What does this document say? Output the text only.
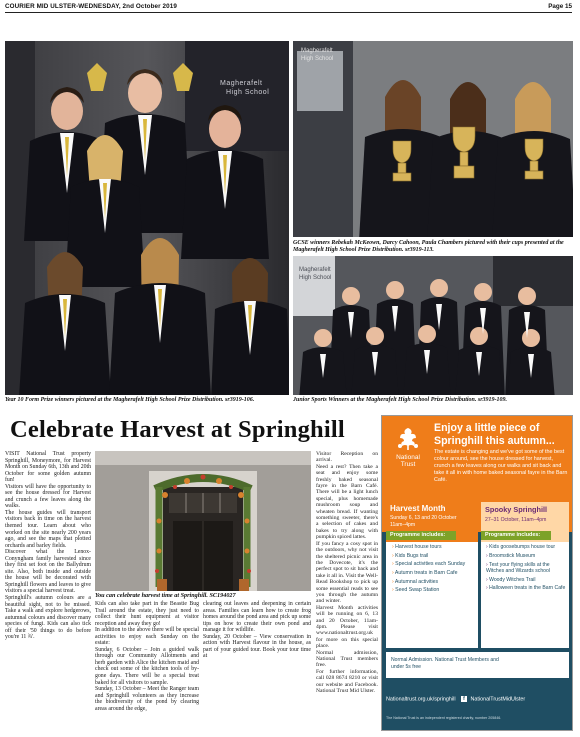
COURIER MID ULSTER-WEDNESDAY, 2nd October 2019	Page 15
Magherafelt
High School
Year 10 Form Prize winners pictured at the Magherafelt High School Prize Distribution. sr3919-106.
Magherafelt
High School
GCSE winners Rebekah McKeown, Darcy Cahoon, Paula Chambers pictured with their cups presented at the Magherafelt High School Prize Distribution. sr3919-113.
Magherafelt
High School
Junior Sports Winners at the Magherafelt High School Prize Distribution. sr3919-109.
Celebrate Harvest at Springhill

VISIT National Trust property Springhill, Moneymore, for Harvest Month on Sunday 6th, 13th and 20th October for some golden autumn fun!

Visitors will have the opportunity to see the house dressed for Harvest and crunch a few leaves along the walks.

The house guides will transport visitors back in time on the harvest themed tour. Learn about who worked on the site nearly 200 years ago, and see the maps that plotted orchards and barley fields.

Discover what the Lenox-Conyngham family harvested since they first set foot on the Ballydrum site. Also, both inside and outside the house will be decorated with Springhill flowers and leaves to give visitors a special harvest treat.

Springhill's autumn colours are a beautiful sight, not to be missed. Take a walk and explore hedgerows, autumnal colours and discover many species of fungi. Kids can also tick off their '50 things to do before you're 11 ¾'.

You can celebrate harvest time at Springhill. SC194027

Kids can also take part in the Beastie Bug Trail around the estate, they just need to collect their hunt equipment at visitor reception and away they go!

In addition to the above there will be special activities to enjoy each Sunday on the estate:

Sunday, 6 October – Join a guided walk through our Community Allotments and herb garden with Alice the kitchen maid and check out some of the kitchen tools of by-gone days. There will be a special treat baked for all visitors to sample.

Sunday, 13 October – Meet the Ranger team and Springhill volunteers as they increase the biodiversity of the pond by clearing areas around the edge,

clearing out leaves and deepening in certain areas. Families can learn how to create frog homes around the pond area and pick up some tips on how to create their own pond and manage it for wildlife.

Sunday, 20 October – View conservation in action with Harvest flavour in the house, as part of your guided tour. Book your tour time at

Visitor Reception on arrival.

Need a rest? Then take a seat and enjoy some freshly baked seasonal fayre in the Barn Café. There will be a light lunch special, plus homemade mushroom soup and wheaten bread. If wanting something sweeter, there's a selection of cakes and bakes to try along with pumpkin spiced lattes.

If you fancy a cosy spot in the outdoors, why not visit the sheltered picnic area in the Dovecote, it's the perfect spot to sit back and take it all in. Visit the Well-Read Bookshop to pick up some essential reads to see you through the autumn and winter.

Harvest Month activities will be running on 6, 13 and 20 October, 11am-4pm. Please visit www.nationaltrust.org.uk for more on this special place.

Normal admission, National Trust members free.

For further information, call 028 8674 8210 or visit our website and Facebook. National Trust Mid Ulster.

National
Trust
Enjoy a little piece of
Springhill this autumn...
The estate is changing and we've got some of the best colour around, see the house dressed for harvest, crunch a few leaves along our walks and sit back and take it all in with home baked seasonal fayre in the Barn Café.
Harvest Month
Sunday 6, 13 and 20 October
11am–4pm
Programme includes:

› Harvest house tours

› Kids Bugs trail

› Special activities each Sunday

› Autumn treats in Barn Cafe

› Autumnal activities

› Seed Swap Station

Spooky Springhill
27–31 October, 11am–4pm
Programme includes:

› Kids goosebumps house tour

› Broomstick Museum

› Test your flying skills at the Witches and Wizards school

› Woody Witches Trail

› Halloween treats in the Barn Cafe

Normal Admission. National Trust Members and
under 5s free
Nationaltrust.org.uk/springhill f NationalTrustMidUlster
The National Trust is an independent registered charity, number 205846.
